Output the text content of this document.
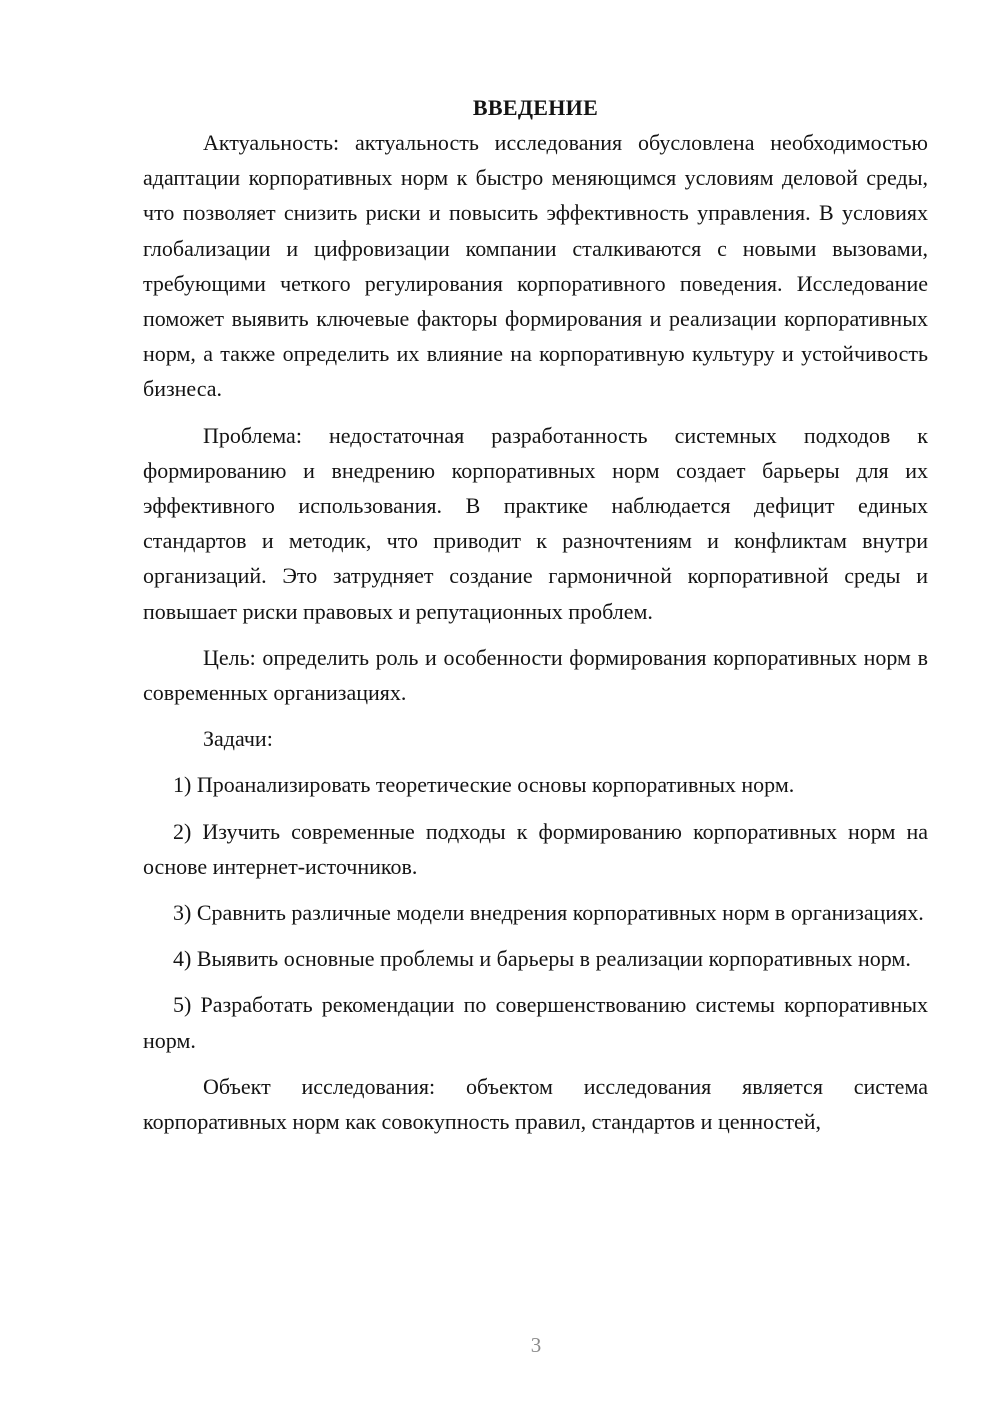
ВВЕДЕНИЕ

Актуальность: актуальность исследования обусловлена необходимостью адаптации корпоративных норм к быстро меняющимся условиям деловой среды, что позволяет снизить риски и повысить эффективность управления. В условиях глобализации и цифровизации компании сталкиваются с новыми вызовами, требующими четкого регулирования корпоративного поведения. Исследование поможет выявить ключевые факторы формирования и реализации корпоративных норм, а также определить их влияние на корпоративную культуру и устойчивость бизнеса.

Проблема: недостаточная разработанность системных подходов к формированию и внедрению корпоративных норм создает барьеры для их эффективного использования. В практике наблюдается дефицит единых стандартов и методик, что приводит к разночтениям и конфликтам внутри организаций. Это затрудняет создание гармоничной корпоративной среды и повышает риски правовых и репутационных проблем.

Цель: определить роль и особенности формирования корпоративных норм в современных организациях.

Задачи:

1) Проанализировать теоретические основы корпоративных норм.

2) Изучить современные подходы к формированию корпоративных норм на основе интернет-источников.

3) Сравнить различные модели внедрения корпоративных норм в организациях.

4) Выявить основные проблемы и барьеры в реализации корпоративных норм.

5) Разработать рекомендации по совершенствованию системы корпоративных норм.

Объект исследования: объектом исследования является система корпоративных норм как совокупность правил, стандартов и ценностей,

3
